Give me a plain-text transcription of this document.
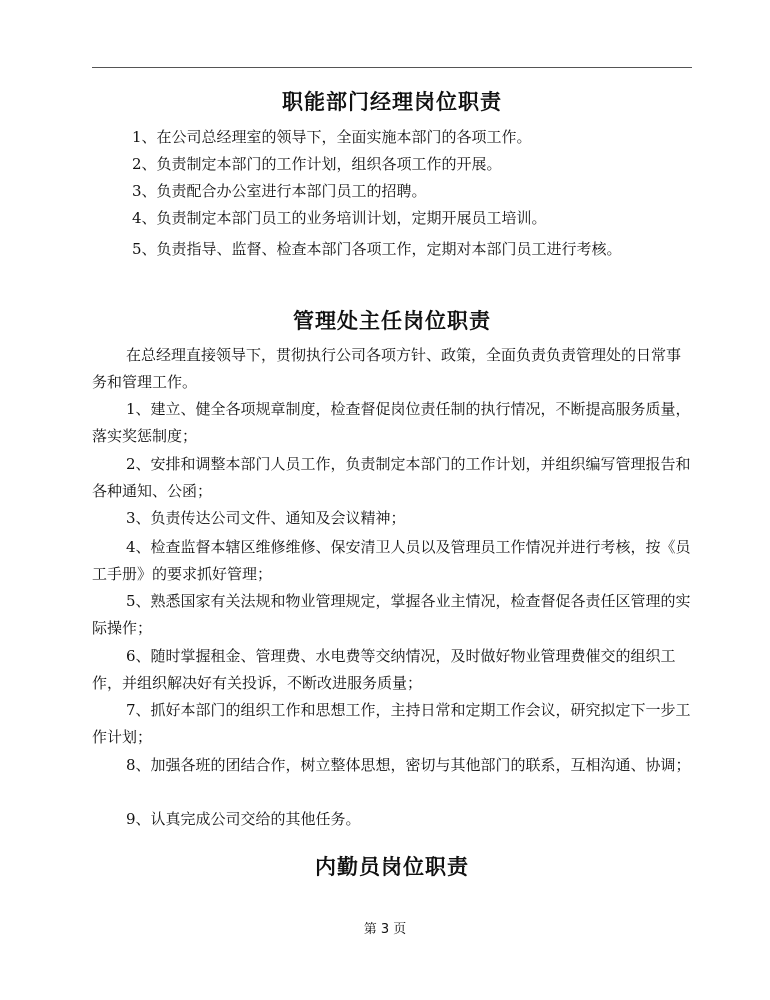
职能部门经理岗位职责

1、在公司总经理室的领导下，全面实施本部门的各项工作。

2、负责制定本部门的工作计划，组织各项工作的开展。

3、负责配合办公室进行本部门员工的招聘。

4、负责制定本部门员工的业务培训计划，定期开展员工培训。

5、负责指导、监督、检查本部门各项工作，定期对本部门员工进行考核。

管理处主任岗位职责

在总经理直接领导下，贯彻执行公司各项方针、政策，全面负责负责管理处的日常事务和管理工作。

1、建立、健全各项规章制度，检查督促岗位责任制的执行情况，不断提高服务质量，落实奖惩制度；

2、安排和调整本部门人员工作，负责制定本部门的工作计划，并组织编写管理报告和各种通知、公函；

3、负责传达公司文件、通知及会议精神；

4、检查监督本辖区维修维修、保安清卫人员以及管理员工作情况并进行考核，按《员工手册》的要求抓好管理；

5、熟悉国家有关法规和物业管理规定，掌握各业主情况，检查督促各责任区管理的实际操作；

6、随时掌握租金、管理费、水电费等交纳情况，及时做好物业管理费催交的组织工作，并组织解决好有关投诉，不断改进服务质量；

7、抓好本部门的组织工作和思想工作，主持日常和定期工作会议，研究拟定下一步工作计划；

8、加强各班的团结合作，树立整体思想，密切与其他部门的联系，互相沟通、协调；

9、认真完成公司交给的其他任务。

内勤员岗位职责
第 3 页
